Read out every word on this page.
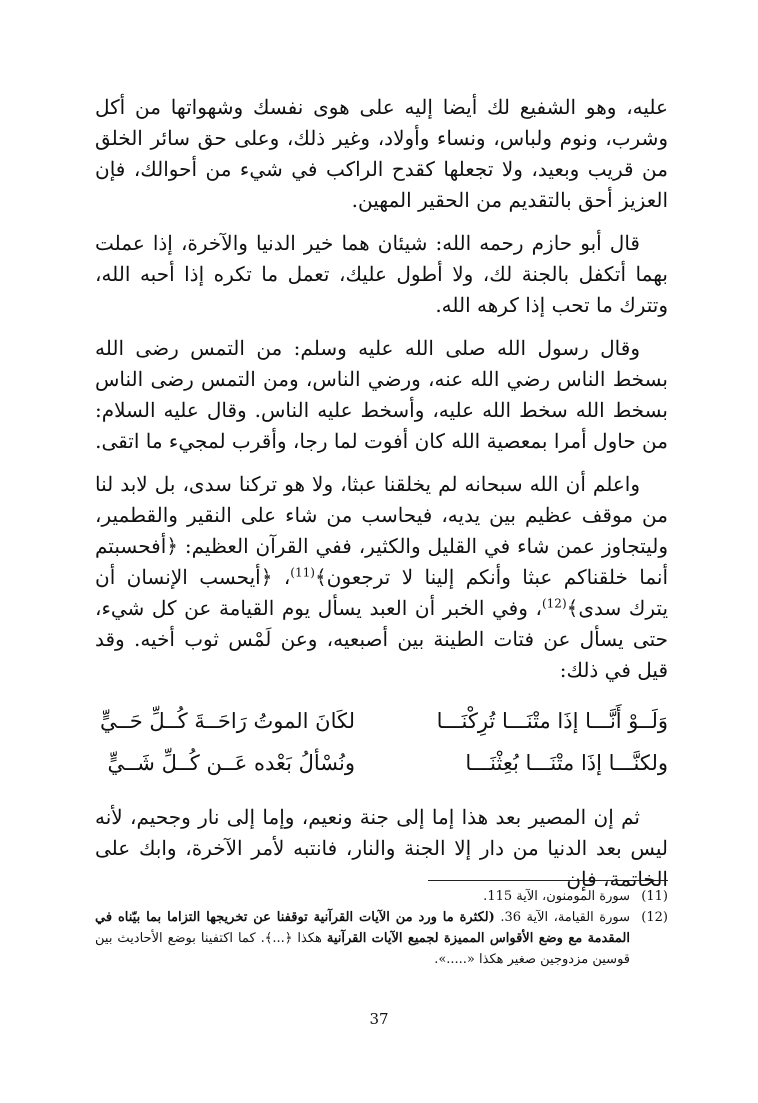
عليه، وهو الشفيع لك أيضا إليه على هوى نفسك وشهواتها من أكل وشرب، ونوم ولباس، ونساء وأولاد، وغير ذلك، وعلى حق سائر الخلق من قريب وبعيد، ولا تجعلها كقدح الراكب في شيء من أحوالك، فإن العزيز أحق بالتقديم من الحقير المهين.

قال أبو حازم رحمه الله: شيئان هما خير الدنيا والآخرة، إذا عملت بهما أتكفل بالجنة لك، ولا أطول عليك، تعمل ما تكره إذا أحبه الله، وتترك ما تحب إذا كرهه الله.

وقال رسول الله صلى الله عليه وسلم: من التمس رضى الله بسخط الناس رضي الله عنه، ورضي الناس، ومن التمس رضى الناس بسخط الله سخط الله عليه، وأسخط عليه الناس. وقال عليه السلام: من حاول أمرا بمعصية الله كان أفوت لما رجا، وأقرب لمجيء ما اتقى.

واعلم أن الله سبحانه لم يخلقنا عبثا، ولا هو تركنا سدى، بل لابد لنا من موقف عظيم بين يديه، فيحاسب من شاء على النقير والقطمير، وليتجاوز عمن شاء في القليل والكثير، ففي القرآن العظيم: ﴿أفحسبتم أنما خلقناكم عبثا وأنكم إلينا لا ترجعون﴾$^{(11)}$، ﴿أيحسب الإنسان أن يترك سدى﴾$^{(12)}$، وفي الخبر أن العبد يسأل يوم القيامة عن كل شيء، حتى يسأل عن فتات الطينة بين أصبعيه، وعن لَمْس ثوب أخيه. وقد قيل في ذلك:

وَلَــوْ أَنَّـــا إذَا متْنَـــا تُرِكْنَـــا
لكَانَ الموتُ رَاحَــةَ كُــلِّ حَــيٍّ
ولكنَّـــا إذَا متْنَـــا بُعِثْنَـــا
ونُسْألُ بَعْده عَــن كُــلِّ شَــيٍّ

ثم إن المصير بعد هذا إما إلى جنة ونعيم، وإما إلى نار وجحيم، لأنه ليس بعد الدنيا من دار إلا الجنة والنار، فانتبه لأمر الآخرة، وابك على الخاتمة، فإن

(11)
سورة المومنون، الآية 115.
(12)
سورة القيامة، الآية 36. (لكثرة ما ورد من الآيات القرآنية توقفنا عن تخريجها التزاما بما بيّناه في المقدمة مع وضع الأقواس المميزة لجميع الآيات القرآنية هكذا ﴿...﴾. كما اكتفينا بوضع الأحاديث بين قوسين مزدوجين صغير هكذا «.....».
37
